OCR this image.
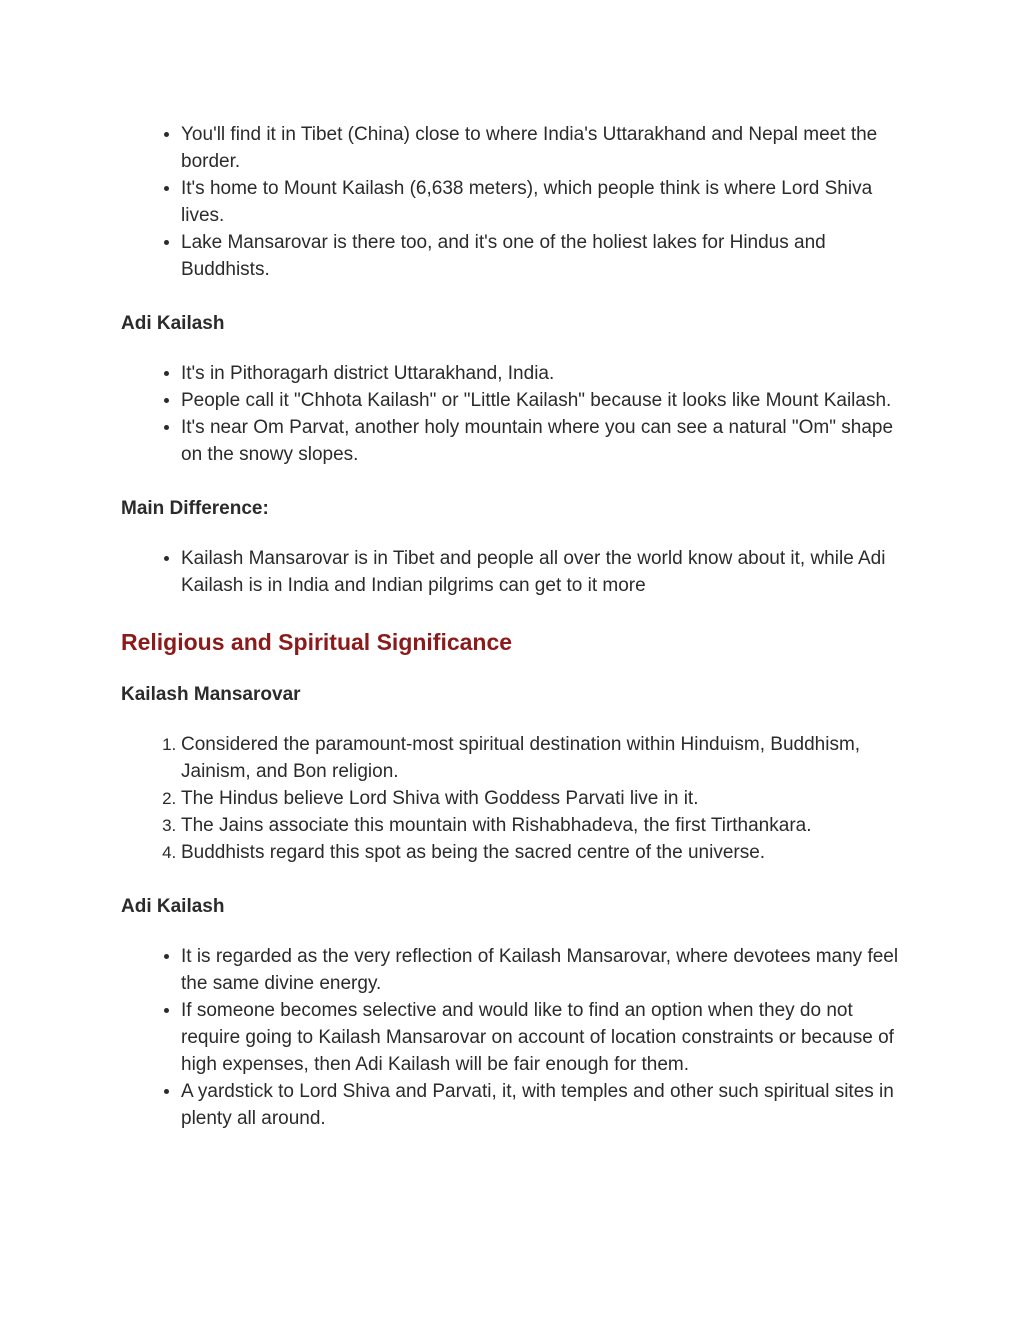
• You'll find it in Tibet (China) close to where India's Uttarakhand and Nepal meet the border.
• It's home to Mount Kailash (6,638 meters), which people think is where Lord Shiva lives.
• Lake Mansarovar is there too, and it's one of the holiest lakes for Hindus and Buddhists.

Adi Kailash

• It's in Pithoragarh district Uttarakhand, India.
• People call it "Chhota Kailash" or "Little Kailash" because it looks like Mount Kailash.
• It's near Om Parvat, another holy mountain where you can see a natural "Om" shape on the snowy slopes.

Main Difference:

• Kailash Mansarovar is in Tibet and people all over the world know about it, while Adi Kailash is in India and Indian pilgrims can get to it more
Religious and Spiritual Significance

Kailash Mansarovar

1. Considered the paramount-most spiritual destination within Hinduism, Buddhism, Jainism, and Bon religion.
2. The Hindus believe Lord Shiva with Goddess Parvati live in it.
3. The Jains associate this mountain with Rishabhadeva, the first Tirthankara.
4. Buddhists regard this spot as being the sacred centre of the universe.

Adi Kailash

• It is regarded as the very reflection of Kailash Mansarovar, where devotees many feel the same divine energy.
• If someone becomes selective and would like to find an option when they do not require going to Kailash Mansarovar on account of location constraints or because of high expenses, then Adi Kailash will be fair enough for them.
• A yardstick to Lord Shiva and Parvati, it, with temples and other such spiritual sites in plenty all around.
